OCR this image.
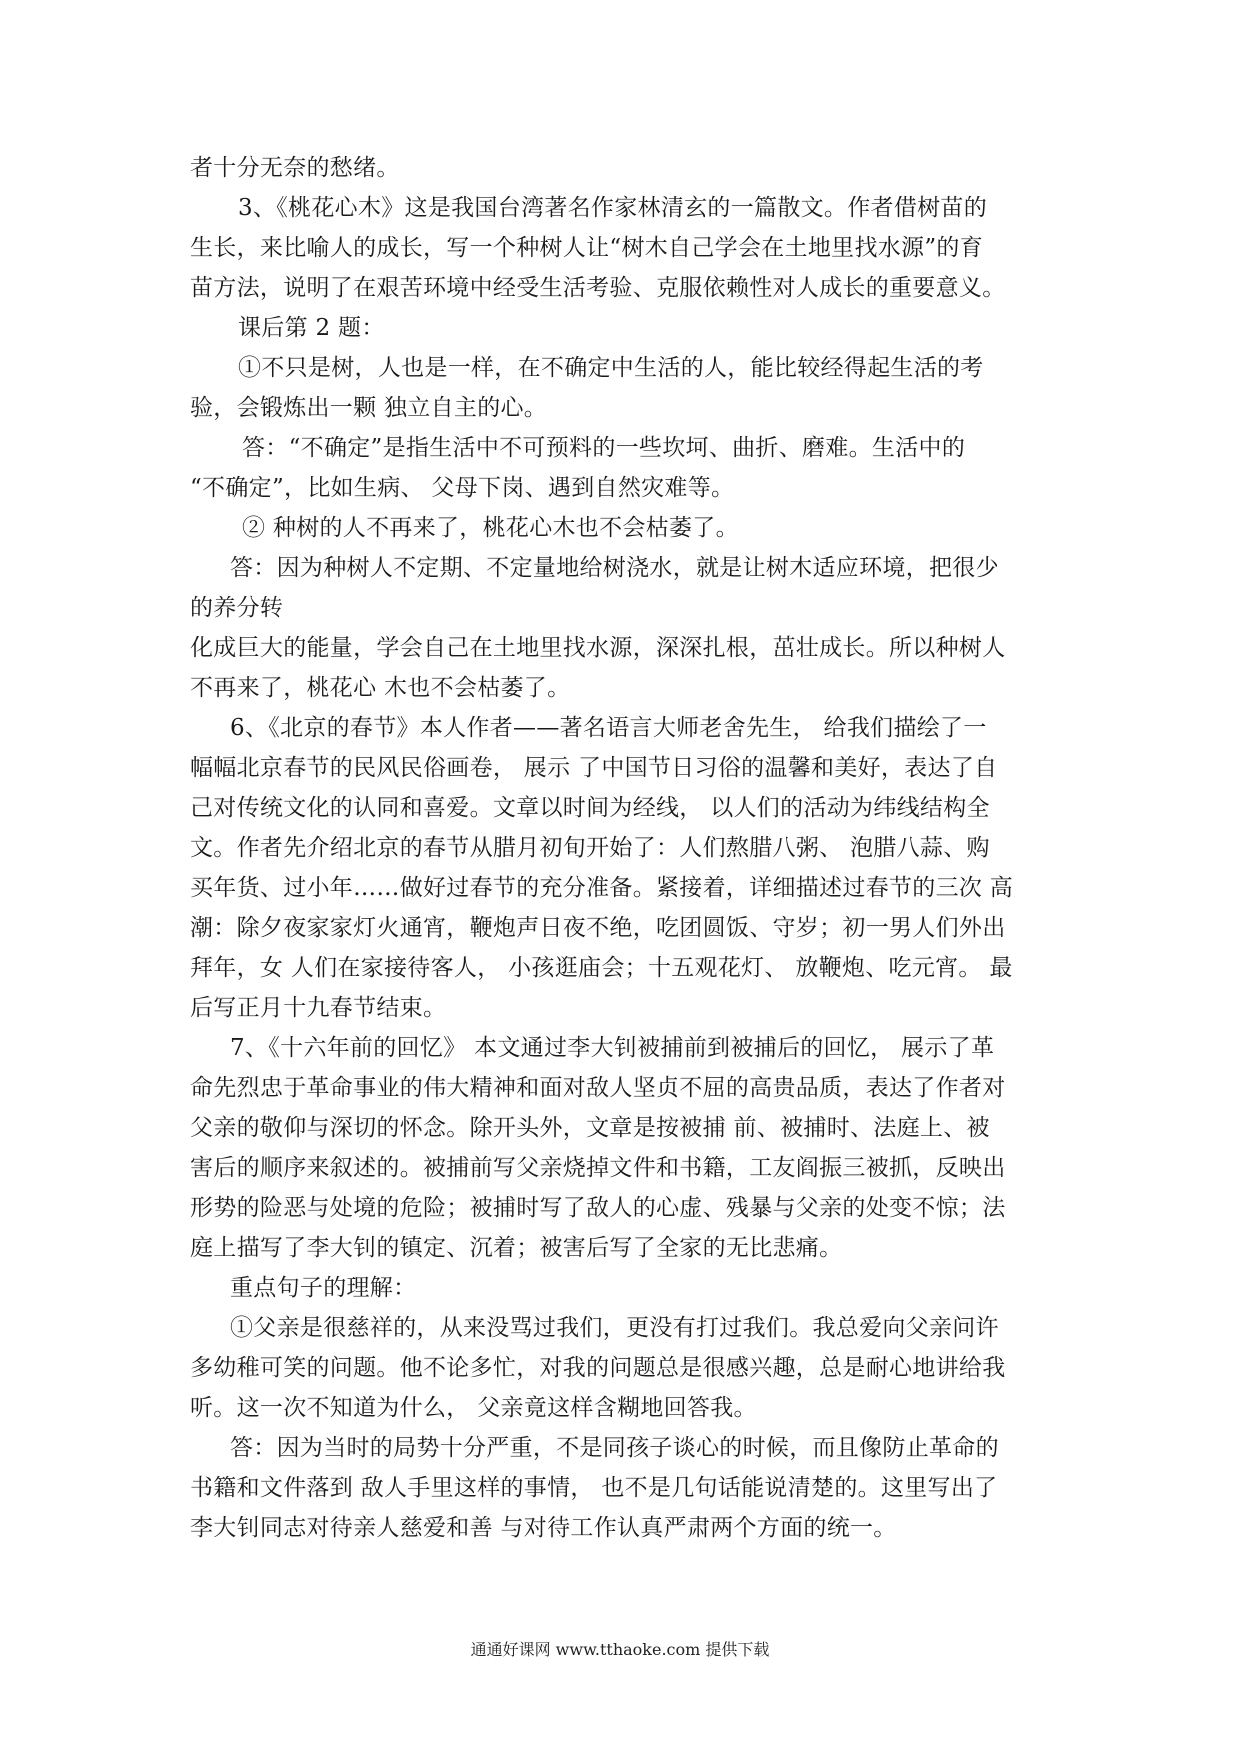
者十分无奈的愁绪。
3、《桃花心木》这是我国台湾著名作家林清玄的一篇散文。作者借树苗的
生长，来比喻人的成长，写一个种树人让“树木自己学会在土地里找水源”的育
苗方法，说明了在艰苦环境中经受生活考验、克服依赖性对人成长的重要意义。
课后第 2 题：
①不只是树，人也是一样，在不确定中生活的人，能比较经得起生活的考
验，会锻炼出一颗 独立自主的心。
答：“不确定”是指生活中不可预料的一些坎坷、曲折、磨难。生活中的
“不确定”，比如生病、 父母下岗、遇到自然灾难等。
② 种树的人不再来了，桃花心木也不会枯萎了。
答：因为种树人不定期、不定量地给树浇水，就是让树木适应环境，把很少
的养分转
化成巨大的能量，学会自己在土地里找水源，深深扎根，茁壮成长。所以种树人
不再来了，桃花心 木也不会枯萎了。
6、《北京的春节》本人作者——著名语言大师老舍先生， 给我们描绘了一
幅幅北京春节的民风民俗画卷， 展示 了中国节日习俗的温馨和美好，表达了自
己对传统文化的认同和喜爱。文章以时间为经线， 以人们的活动为纬线结构全
文。作者先介绍北京的春节从腊月初旬开始了：人们熬腊八粥、 泡腊八蒜、购
买年货、过小年……做好过春节的充分准备。紧接着，详细描述过春节的三次 高
潮：除夕夜家家灯火通宵，鞭炮声日夜不绝，吃团圆饭、守岁；初一男人们外出
拜年，女 人们在家接待客人， 小孩逛庙会；十五观花灯、 放鞭炮、吃元宵。 最
后写正月十九春节结束。
7、《十六年前的回忆》 本文通过李大钊被捕前到被捕后的回忆， 展示了革
命先烈忠于革命事业的伟大精神和面对敌人坚贞不屈的高贵品质，表达了作者对
父亲的敬仰与深切的怀念。除开头外，文章是按被捕 前、被捕时、法庭上、被
害后的顺序来叙述的。被捕前写父亲烧掉文件和书籍，工友阎振三被抓，反映出
形势的险恶与处境的危险；被捕时写了敌人的心虚、残暴与父亲的处变不惊；法
庭上描写了李大钊的镇定、沉着；被害后写了全家的无比悲痛。
重点句子的理解：
①父亲是很慈祥的，从来没骂过我们，更没有打过我们。我总爱向父亲问许
多幼稚可笑的问题。他不论多忙，对我的问题总是很感兴趣，总是耐心地讲给我
听。这一次不知道为什么， 父亲竟这样含糊地回答我。
答：因为当时的局势十分严重，不是同孩子谈心的时候，而且像防止革命的
书籍和文件落到 敌人手里这样的事情， 也不是几句话能说清楚的。这里写出了
李大钊同志对待亲人慈爱和善 与对待工作认真严肃两个方面的统一。
通通好课网 www.tthaoke.com 提供下载
